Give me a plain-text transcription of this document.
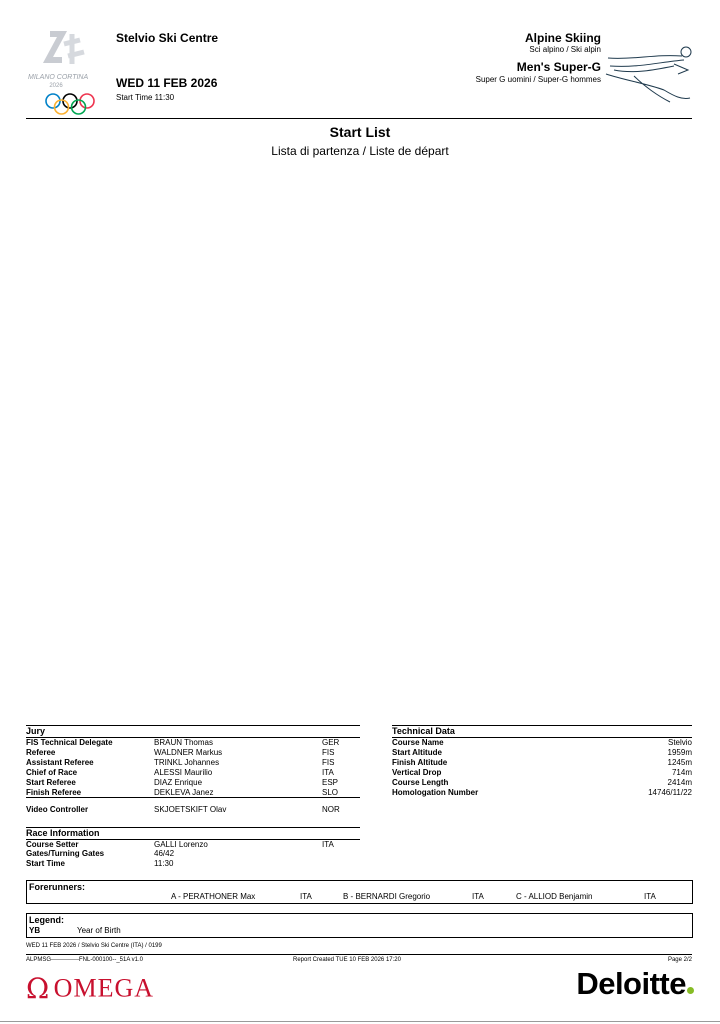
MILANO CORTINA
2026
Stelvio Ski Centre
WED 11 FEB 2026
Start Time 11:30
Alpine Skiing
Sci alpino / Ski alpin
Men's Super-G
Super G uomini / Super-G hommes
Start List
Lista di partenza / Liste de départ
Jury
FIS Technical Delegate	BRAUN Thomas	GER
Referee	WALDNER Markus	FIS
Assistant Referee	TRINKL Johannes	FIS
Chief of Race	ALESSI Maurilio	ITA
Start Referee	DIAZ Enrique	ESP
Finish Referee	DEKLEVA Janez	SLO
Video Controller	SKJOETSKIFT Olav	NOR
Race Information
Course Setter	GALLI Lorenzo	ITA
Gates/Turning Gates	46/42
Start Time	11:30
Technical Data
Course Name	Stelvio
Start Altitude	1959m
Finish Altitude	1245m
Vertical Drop	714m
Course Length	2414m
Homologation Number	14746/11/22
Forerunners:
A - PERATHONER Max	ITA	B - BERNARDI Gregorio	ITA	C - ALLIOD Benjamin	ITA
Legend:
YB	Year of Birth
WED 11 FEB 2026 / Stelvio Ski Centre (ITA) / 0199
ALPMSG--------------FNL-000100--_51A v1.0	Report Created TUE 10 FEB 2026 17:20	Page 2/2
Ω OMEGA	Deloitte
